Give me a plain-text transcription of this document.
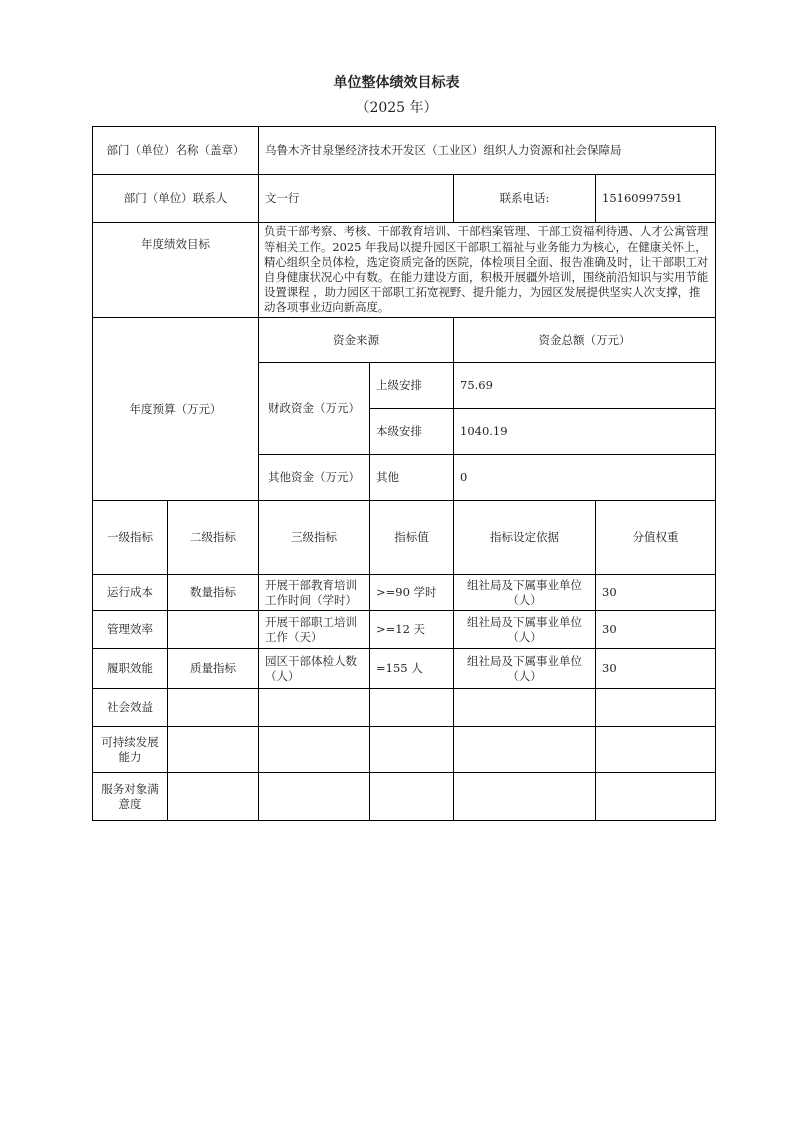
单位整体绩效目标表
（2025 年）
部门（单位）名称（盖章）		乌鲁木齐甘泉堡经济技术开发区（工业区）组织人力资源和社会保障局			
部门（单位）联系人		文一行		联系电话:	15160997591
年度绩效目标		负责干部考察、考核、干部教育培训、干部档案管理、干部工资福利待遇、人才公寓管理等相关工作。2025 年我局以提升园区干部职工福祉与业务能力为核心，在健康关怀上，精心组织全员体检，选定资质完备的医院，体检项目全面、报告准确及时，让干部职工对自身健康状况心中有数。在能力建设方面，积极开展疆外培训，围绕前沿知识与实用节能设置课程 ，助力园区干部职工拓宽视野、提升能力，为园区发展提供坚实人次支撑，推动各项事业迈向新高度。			
年度预算（万元）		资金来源		资金总额（万元）	
		财政资金（万元）	上级安排	75.69	
			本级安排	1040.19	
		其他资金（万元）	其他	0	
一级指标	二级指标	三级指标	指标值	指标设定依据	分值权重
运行成本	数量指标	开展干部教育培训工作时间（学时）	>=90 学时	组社局及下属事业单位（人）	30
管理效率		开展干部职工培训工作（天）	>=12 天	组社局及下属事业单位（人）	30
履职效能	质量指标	园区干部体检人数（人）	=155 人	组社局及下属事业单位（人）	30
社会效益					
可持续发展能力					
服务对象满意度					
